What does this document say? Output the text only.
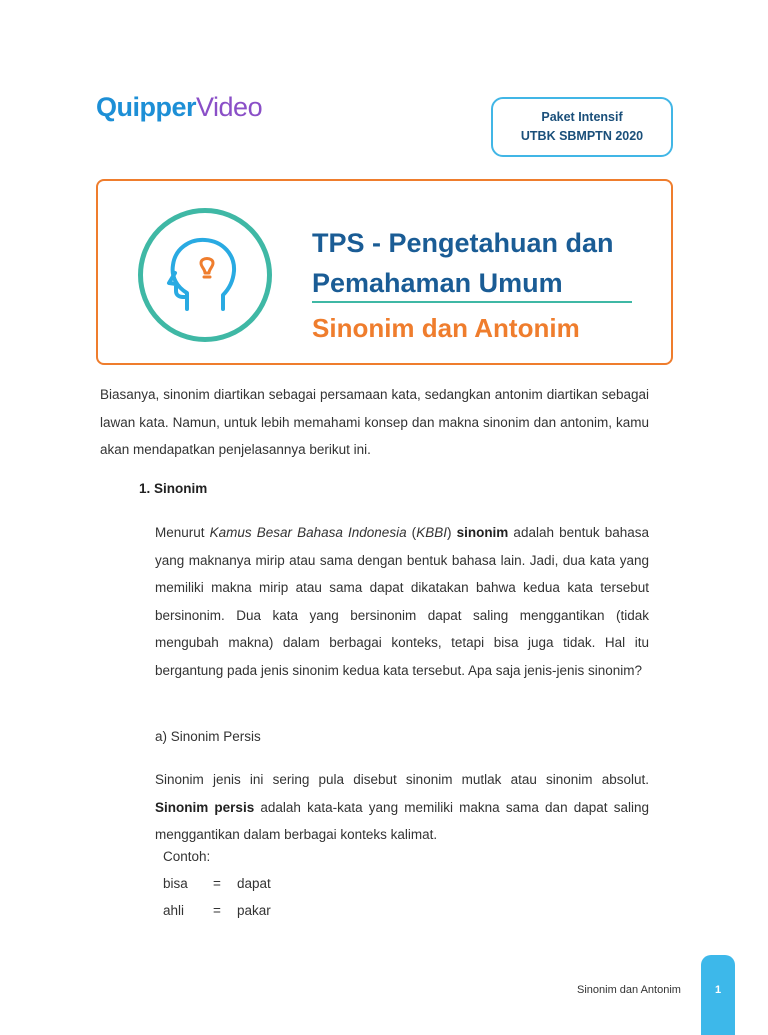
QuipperVideo	Paket Intensif
UTBK SBMPTN 2020
TPS - Pengetahuan dan
Pemahaman Umum
Sinonim dan Antonim

Biasanya, sinonim diartikan sebagai persamaan kata, sedangkan antonim diartikan sebagai lawan kata. Namun, untuk lebih memahami konsep dan makna sinonim dan antonim, kamu akan mendapatkan penjelasannya berikut ini.

1. Sinonim

Menurut Kamus Besar Bahasa Indonesia (KBBI) sinonim adalah bentuk bahasa yang maknanya mirip atau sama dengan bentuk bahasa lain. Jadi, dua kata yang memiliki makna mirip atau sama dapat dikatakan bahwa kedua kata tersebut bersinonim. Dua kata yang bersinonim dapat saling menggantikan (tidak mengubah makna) dalam berbagai konteks, tetapi bisa juga tidak. Hal itu bergantung pada jenis sinonim kedua kata tersebut. Apa saja jenis-jenis sinonim?

a) Sinonim Persis

Sinonim jenis ini sering pula disebut sinonim mutlak atau sinonim absolut. Sinonim persis adalah kata-kata yang memiliki makna sama dan dapat saling menggantikan dalam berbagai konteks kalimat.

Contoh:
bisa = dapat
ahli = pakar
Sinonim dan Antonim	1
